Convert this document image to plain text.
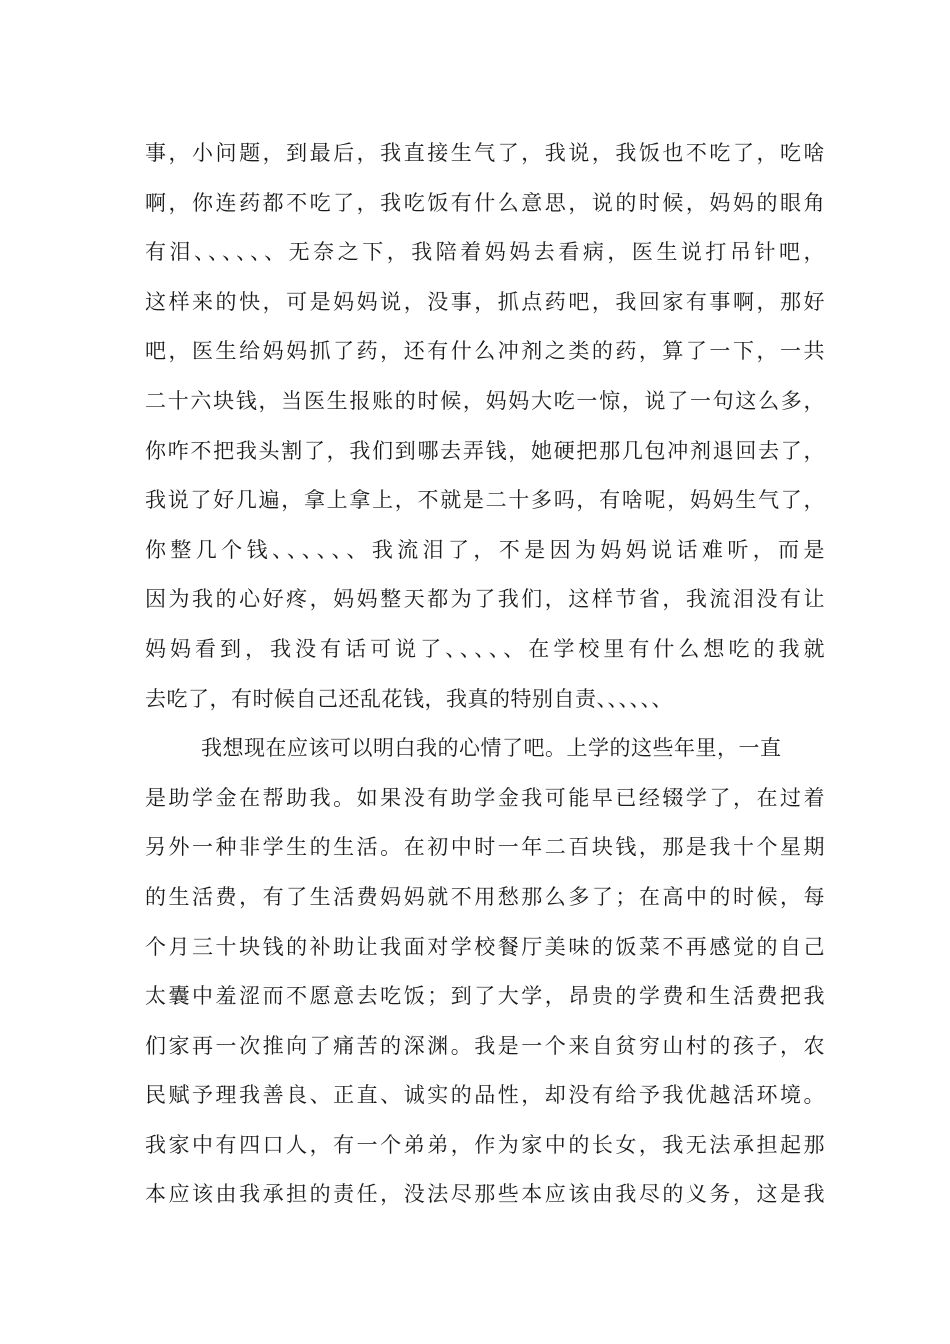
事，小问题，到最后，我直接生气了，我说，我饭也不吃了，吃啥
啊，你连药都不吃了，我吃饭有什么意思，说的时候，妈妈的眼角
有泪、、、、、、无奈之下，我陪着妈妈去看病，医生说打吊针吧，
这样来的快，可是妈妈说，没事，抓点药吧，我回家有事啊，那好
吧，医生给妈妈抓了药，还有什么冲剂之类的药，算了一下，一共
二十六块钱，当医生报账的时候，妈妈大吃一惊，说了一句这么多，
你咋不把我头割了，我们到哪去弄钱，她硬把那几包冲剂退回去了，
我说了好几遍，拿上拿上，不就是二十多吗，有啥呢，妈妈生气了，
你整几个钱、、、、、、我流泪了，不是因为妈妈说话难听，而是
因为我的心好疼，妈妈整天都为了我们，这样节省，我流泪没有让
妈妈看到，我没有话可说了、、、、、在学校里有什么想吃的我就
去吃了，有时候自己还乱花钱，我真的特别自责、、、、、、
我想现在应该可以明白我的心情了吧。上学的这些年里，一直
是助学金在帮助我。如果没有助学金我可能早已经辍学了，在过着
另外一种非学生的生活。在初中时一年二百块钱，那是我十个星期
的生活费，有了生活费妈妈就不用愁那么多了；在高中的时候，每
个月三十块钱的补助让我面对学校餐厅美味的饭菜不再感觉的自己
太囊中羞涩而不愿意去吃饭；到了大学，昂贵的学费和生活费把我
们家再一次推向了痛苦的深渊。我是一个来自贫穷山村的孩子，农
民赋予理我善良、正直、诚实的品性，却没有给予我优越活环境。
我家中有四口人，有一个弟弟，作为家中的长女，我无法承担起那
本应该由我承担的责任，没法尽那些本应该由我尽的义务，这是我
